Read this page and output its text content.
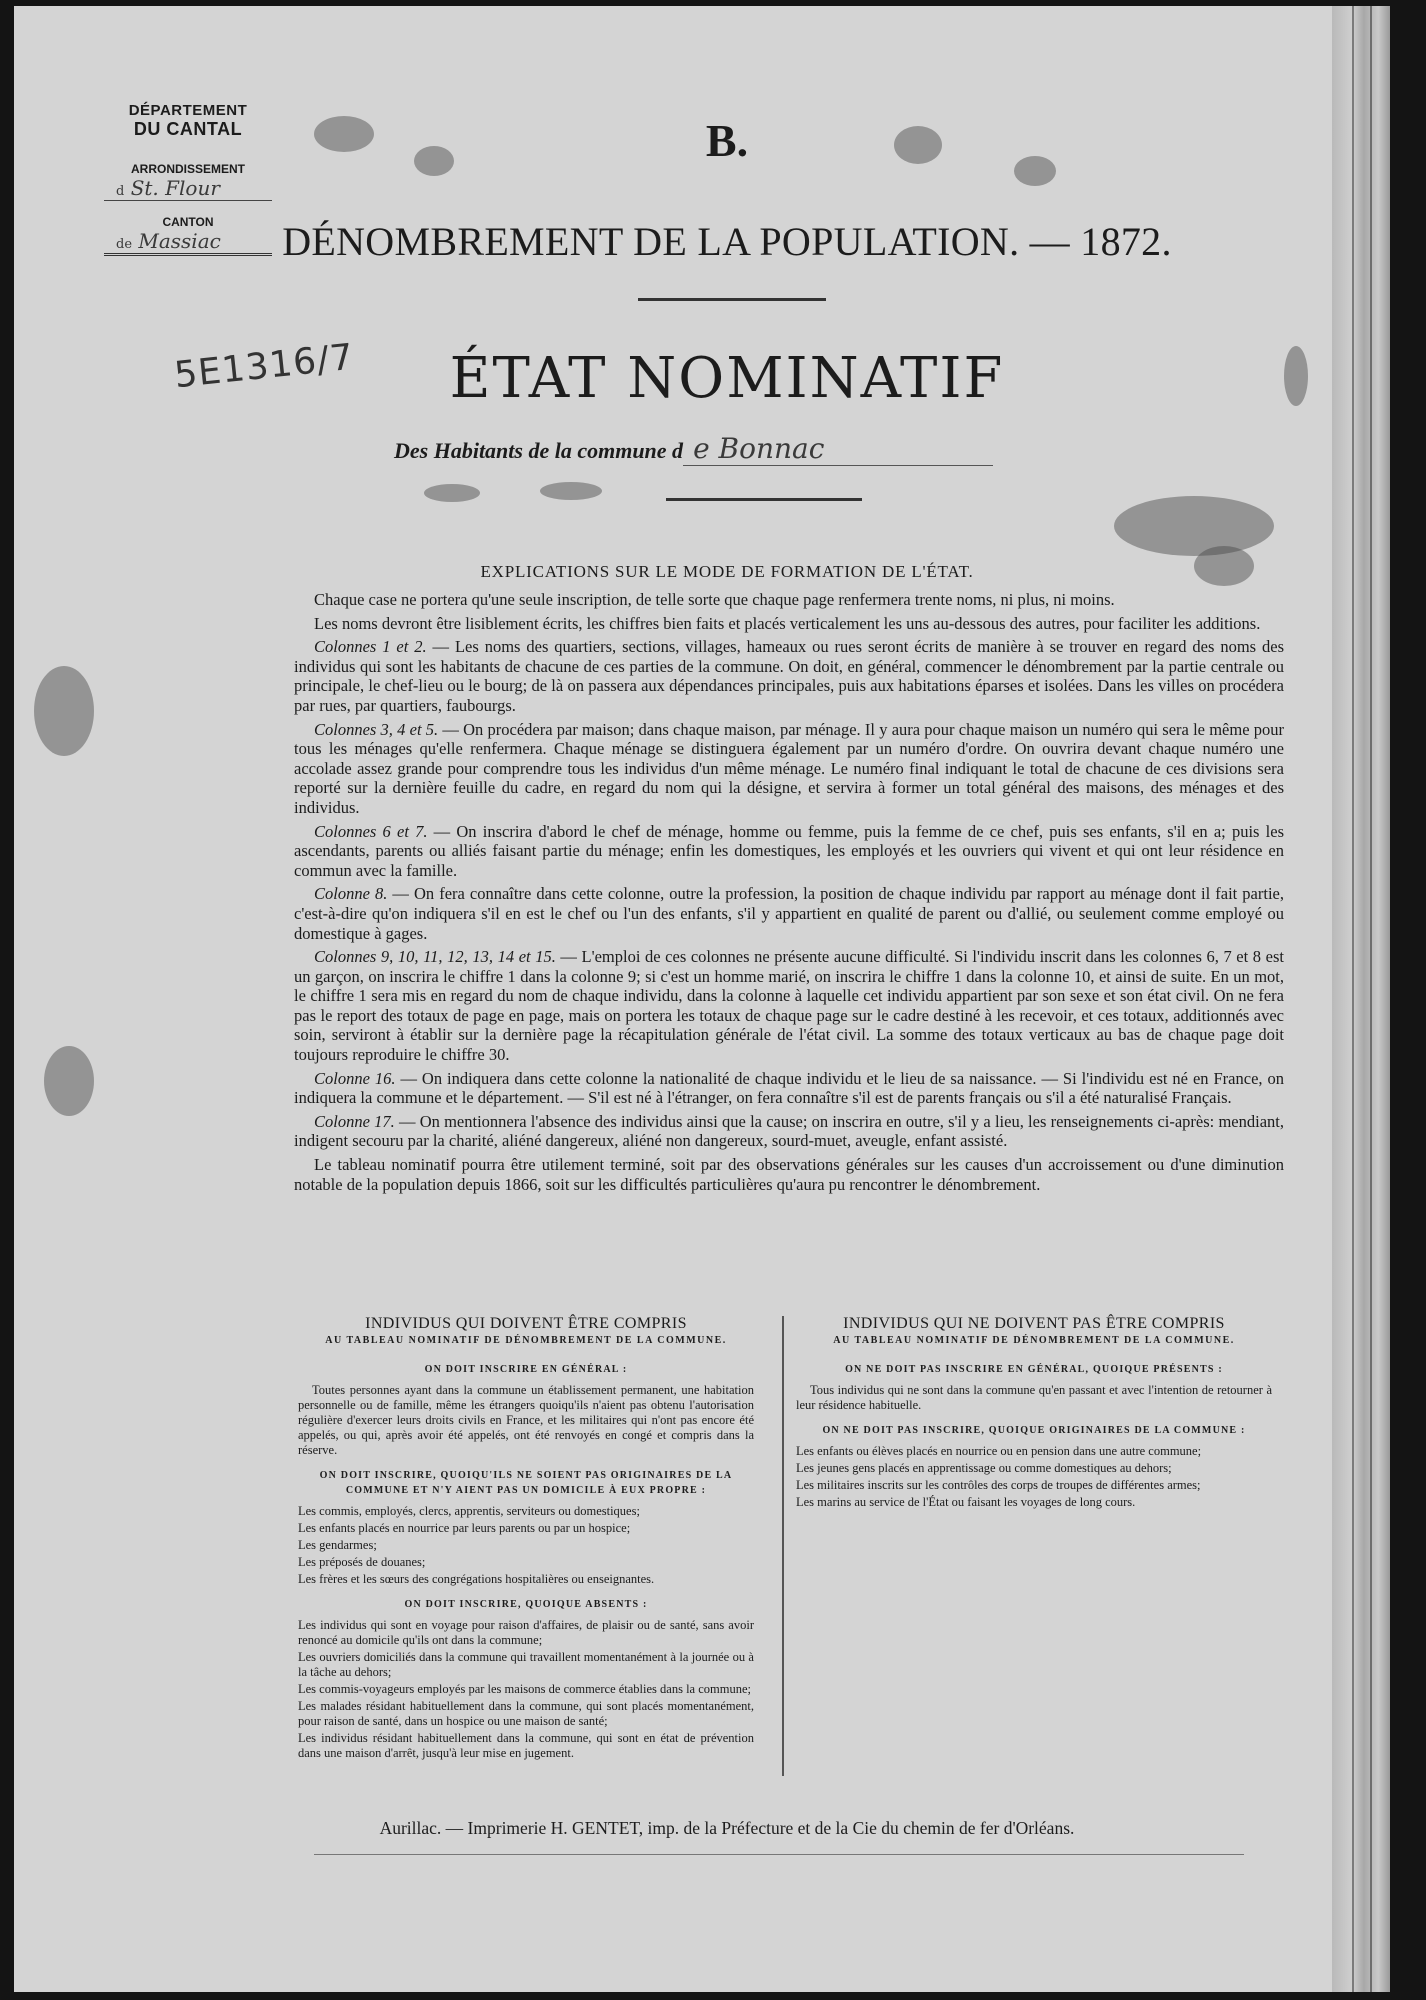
DÉPARTEMENT
DU CANTAL
ARRONDISSEMENT
d St. Flour
CANTON
de Massiac
5E1316/7
B.
DÉNOMBREMENT DE LA POPULATION. — 1872.
ÉTAT NOMINATIF
Des Habitants de la commune d e Bonnac
EXPLICATIONS SUR LE MODE DE FORMATION DE L'ÉTAT.

Chaque case ne portera qu'une seule inscription, de telle sorte que chaque page renfermera trente noms, ni plus, ni moins.

Les noms devront être lisiblement écrits, les chiffres bien faits et placés verticalement les uns au-dessous des autres, pour faciliter les additions.

Colonnes 1 et 2. — Les noms des quartiers, sections, villages, hameaux ou rues seront écrits de manière à se trouver en regard des noms des individus qui sont les habitants de chacune de ces parties de la commune. On doit, en général, commencer le dénombrement par la partie centrale ou principale, le chef-lieu ou le bourg; de là on passera aux dépendances principales, puis aux habitations éparses et isolées. Dans les villes on procédera par rues, par quartiers, faubourgs.

Colonnes 3, 4 et 5. — On procédera par maison; dans chaque maison, par ménage. Il y aura pour chaque maison un numéro qui sera le même pour tous les ménages qu'elle renfermera. Chaque ménage se distinguera également par un numéro d'ordre. On ouvrira devant chaque numéro une accolade assez grande pour comprendre tous les individus d'un même ménage. Le numéro final indiquant le total de chacune de ces divisions sera reporté sur la dernière feuille du cadre, en regard du nom qui la désigne, et servira à former un total général des maisons, des ménages et des individus.

Colonnes 6 et 7. — On inscrira d'abord le chef de ménage, homme ou femme, puis la femme de ce chef, puis ses enfants, s'il en a; puis les ascendants, parents ou alliés faisant partie du ménage; enfin les domestiques, les employés et les ouvriers qui vivent et qui ont leur résidence en commun avec la famille.

Colonne 8. — On fera connaître dans cette colonne, outre la profession, la position de chaque individu par rapport au ménage dont il fait partie, c'est-à-dire qu'on indiquera s'il en est le chef ou l'un des enfants, s'il y appartient en qualité de parent ou d'allié, ou seulement comme employé ou domestique à gages.

Colonnes 9, 10, 11, 12, 13, 14 et 15. — L'emploi de ces colonnes ne présente aucune difficulté. Si l'individu inscrit dans les colonnes 6, 7 et 8 est un garçon, on inscrira le chiffre 1 dans la colonne 9; si c'est un homme marié, on inscrira le chiffre 1 dans la colonne 10, et ainsi de suite. En un mot, le chiffre 1 sera mis en regard du nom de chaque individu, dans la colonne à laquelle cet individu appartient par son sexe et son état civil. On ne fera pas le report des totaux de page en page, mais on portera les totaux de chaque page sur le cadre destiné à les recevoir, et ces totaux, additionnés avec soin, serviront à établir sur la dernière page la récapitulation générale de l'état civil. La somme des totaux verticaux au bas de chaque page doit toujours reproduire le chiffre 30.

Colonne 16. — On indiquera dans cette colonne la nationalité de chaque individu et le lieu de sa naissance. — Si l'individu est né en France, on indiquera la commune et le département. — S'il est né à l'étranger, on fera connaître s'il est de parents français ou s'il a été naturalisé Français.

Colonne 17. — On mentionnera l'absence des individus ainsi que la cause; on inscrira en outre, s'il y a lieu, les renseignements ci-après: mendiant, indigent secouru par la charité, aliéné dangereux, aliéné non dangereux, sourd-muet, aveugle, enfant assisté.

Le tableau nominatif pourra être utilement terminé, soit par des observations générales sur les causes d'un accroissement ou d'une diminution notable de la population depuis 1866, soit sur les difficultés particulières qu'aura pu rencontrer le dénombrement.

INDIVIDUS QUI DOIVENT ÊTRE COMPRIS
AU TABLEAU NOMINATIF DE DÉNOMBREMENT DE LA COMMUNE.
ON DOIT INSCRIRE EN GÉNÉRAL :

Toutes personnes ayant dans la commune un établissement permanent, une habitation personnelle ou de famille, même les étrangers quoiqu'ils n'aient pas obtenu l'autorisation régulière d'exercer leurs droits civils en France, et les militaires qui n'ont pas encore été appelés, ou qui, après avoir été appelés, ont été renvoyés en congé et compris dans la réserve.

ON DOIT INSCRIRE, QUOIQU'ILS NE SOIENT PAS ORIGINAIRES DE LA COMMUNE ET N'Y AIENT PAS UN DOMICILE À EUX PROPRE :

Les commis, employés, clercs, apprentis, serviteurs ou domestiques;

Les enfants placés en nourrice par leurs parents ou par un hospice;

Les gendarmes;

Les préposés de douanes;

Les frères et les sœurs des congrégations hospitalières ou enseignantes.

ON DOIT INSCRIRE, QUOIQUE ABSENTS :

Les individus qui sont en voyage pour raison d'affaires, de plaisir ou de santé, sans avoir renoncé au domicile qu'ils ont dans la commune;

Les ouvriers domiciliés dans la commune qui travaillent momentanément à la journée ou à la tâche au dehors;

Les commis-voyageurs employés par les maisons de commerce établies dans la commune;

Les malades résidant habituellement dans la commune, qui sont placés momentanément, pour raison de santé, dans un hospice ou une maison de santé;

Les individus résidant habituellement dans la commune, qui sont en état de prévention dans une maison d'arrêt, jusqu'à leur mise en jugement.

INDIVIDUS QUI NE DOIVENT PAS ÊTRE COMPRIS
AU TABLEAU NOMINATIF DE DÉNOMBREMENT DE LA COMMUNE.
ON NE DOIT PAS INSCRIRE EN GÉNÉRAL, QUOIQUE PRÉSENTS :

Tous individus qui ne sont dans la commune qu'en passant et avec l'intention de retourner à leur résidence habituelle.

ON NE DOIT PAS INSCRIRE, QUOIQUE ORIGINAIRES DE LA COMMUNE :

Les enfants ou élèves placés en nourrice ou en pension dans une autre commune;

Les jeunes gens placés en apprentissage ou comme domestiques au dehors;

Les militaires inscrits sur les contrôles des corps de troupes de différentes armes;

Les marins au service de l'État ou faisant les voyages de long cours.

Aurillac. — Imprimerie H. GENTET, imp. de la Préfecture et de la Cie du chemin de fer d'Orléans.
